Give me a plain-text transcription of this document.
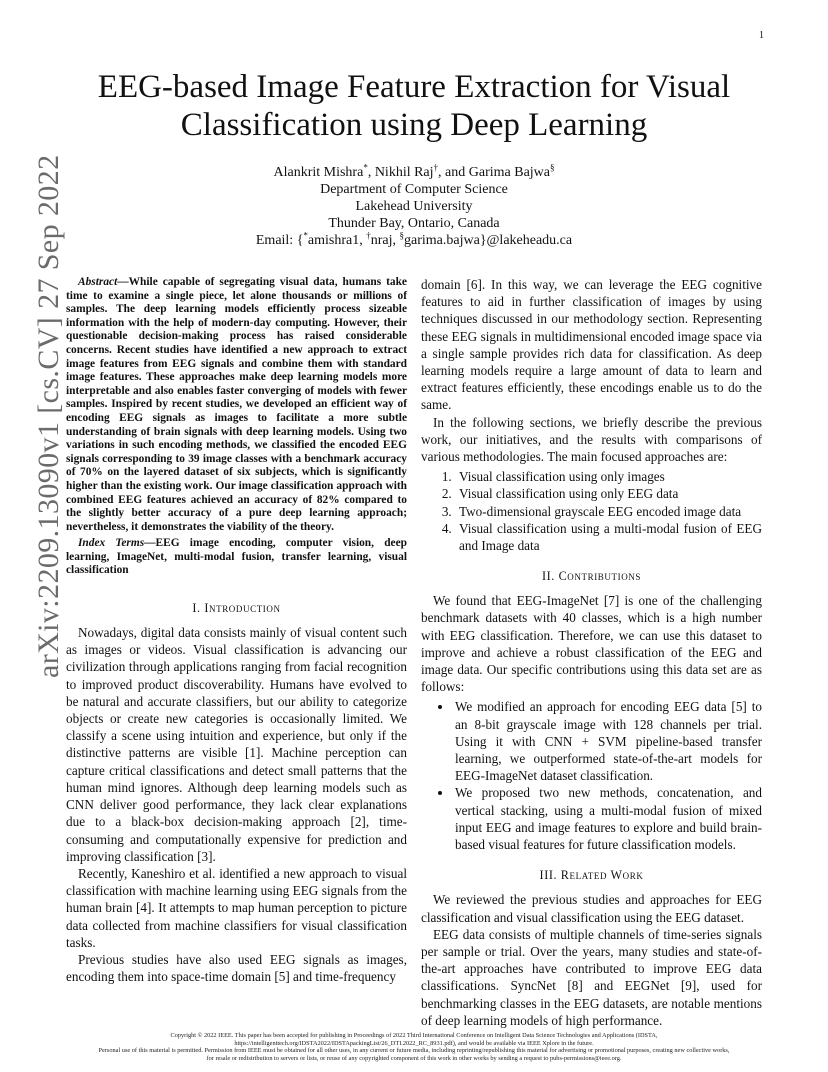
1
arXiv:2209.13090v1 [cs.CV] 27 Sep 2022
EEG-based Image Feature Extraction for Visual Classification using Deep Learning
Alankrit Mishra*, Nikhil Raj†, and Garima Bajwa§
Department of Computer Science
Lakehead University
Thunder Bay, Ontario, Canada
Email: {*amishra1, †nraj, §garima.bajwa}@lakeheadu.ca

Abstract—While capable of segregating visual data, humans take time to examine a single piece, let alone thousands or millions of samples. The deep learning models efficiently process sizeable information with the help of modern-day computing. However, their questionable decision-making process has raised considerable concerns. Recent studies have identified a new approach to extract image features from EEG signals and combine them with standard image features. These approaches make deep learning models more interpretable and also enables faster converging of models with fewer samples. Inspired by recent studies, we developed an efficient way of encoding EEG signals as images to facilitate a more subtle understanding of brain signals with deep learning models. Using two variations in such encoding methods, we classified the encoded EEG signals corresponding to 39 image classes with a benchmark accuracy of 70% on the layered dataset of six subjects, which is significantly higher than the existing work. Our image classification approach with combined EEG features achieved an accuracy of 82% compared to the slightly better accuracy of a pure deep learning approach; nevertheless, it demonstrates the viability of the theory.

Index Terms—EEG image encoding, computer vision, deep learning, ImageNet, multi-modal fusion, transfer learning, visual classification

I. Introduction

Nowadays, digital data consists mainly of visual content such as images or videos. Visual classification is advancing our civilization through applications ranging from facial recognition to improved product discoverability. Humans have evolved to be natural and accurate classifiers, but our ability to categorize objects or create new categories is occasionally limited. We classify a scene using intuition and experience, but only if the distinctive patterns are visible [1]. Machine perception can capture critical classifications and detect small patterns that the human mind ignores. Although deep learning models such as CNN deliver good performance, they lack clear explanations due to a black-box decision-making approach [2], time-consuming and computationally expensive for prediction and improving classification [3].

Recently, Kaneshiro et al. identified a new approach to visual classification with machine learning using EEG signals from the human brain [4]. It attempts to map human perception to picture data collected from machine classifiers for visual classification tasks.

Previous studies have also used EEG signals as images, encoding them into space-time domain [5] and time-frequency

domain [6]. In this way, we can leverage the EEG cognitive features to aid in further classification of images by using techniques discussed in our methodology section. Representing these EEG signals in multidimensional encoded image space via a single sample provides rich data for classification. As deep learning models require a large amount of data to learn and extract features efficiently, these encodings enable us to do the same.

In the following sections, we briefly describe the previous work, our initiatives, and the results with comparisons of various methodologies. The main focused approaches are:

1. Visual classification using only images
2. Visual classification using only EEG data
3. Two-dimensional grayscale EEG encoded image data
4. Visual classification using a multi-modal fusion of EEG and Image data
II. Contributions

We found that EEG-ImageNet [7] is one of the challenging benchmark datasets with 40 classes, which is a high number with EEG classification. Therefore, we can use this dataset to improve and achieve a robust classification of the EEG and image data. Our specific contributions using this data set are as follows:

• We modified an approach for encoding EEG data [5] to an 8-bit grayscale image with 128 channels per trial. Using it with CNN + SVM pipeline-based transfer learning, we outperformed state-of-the-art models for EEG-ImageNet dataset classification.
• We proposed two new methods, concatenation, and vertical stacking, using a multi-modal fusion of mixed input EEG and image features to explore and build brain-based visual features for future classification models.
III. Related Work

We reviewed the previous studies and approaches for EEG classification and visual classification using the EEG dataset.

EEG data consists of multiple channels of time-series signals per sample or trial. Over the years, many studies and state-of-the-art approaches have contributed to improve EEG data classifications. SyncNet [8] and EEGNet [9], used for benchmarking classes in the EEG datasets, are notable mentions of deep learning models of high performance.

Copyright © 2022 IEEE. This paper has been accepted for publishing in Proceedings of 2022 Third International Conference on Intelligent Data Science Technologies and Applications (IDSTA,
https://intelligenttech.org/IDSTA2022/IDSTApackingList/26_DTI.2022_RC_8931.pdf), and would be available via IEEE Xplore in the future.
Personal use of this material is permitted. Permission from IEEE must be obtained for all other uses, in any current or future media, including reprinting/republishing this material for advertising or promotional purposes, creating new collective works,
for resale or redistribution to servers or lists, or reuse of any copyrighted component of this work in other works by sending a request to pubs-permissions@ieee.org.
